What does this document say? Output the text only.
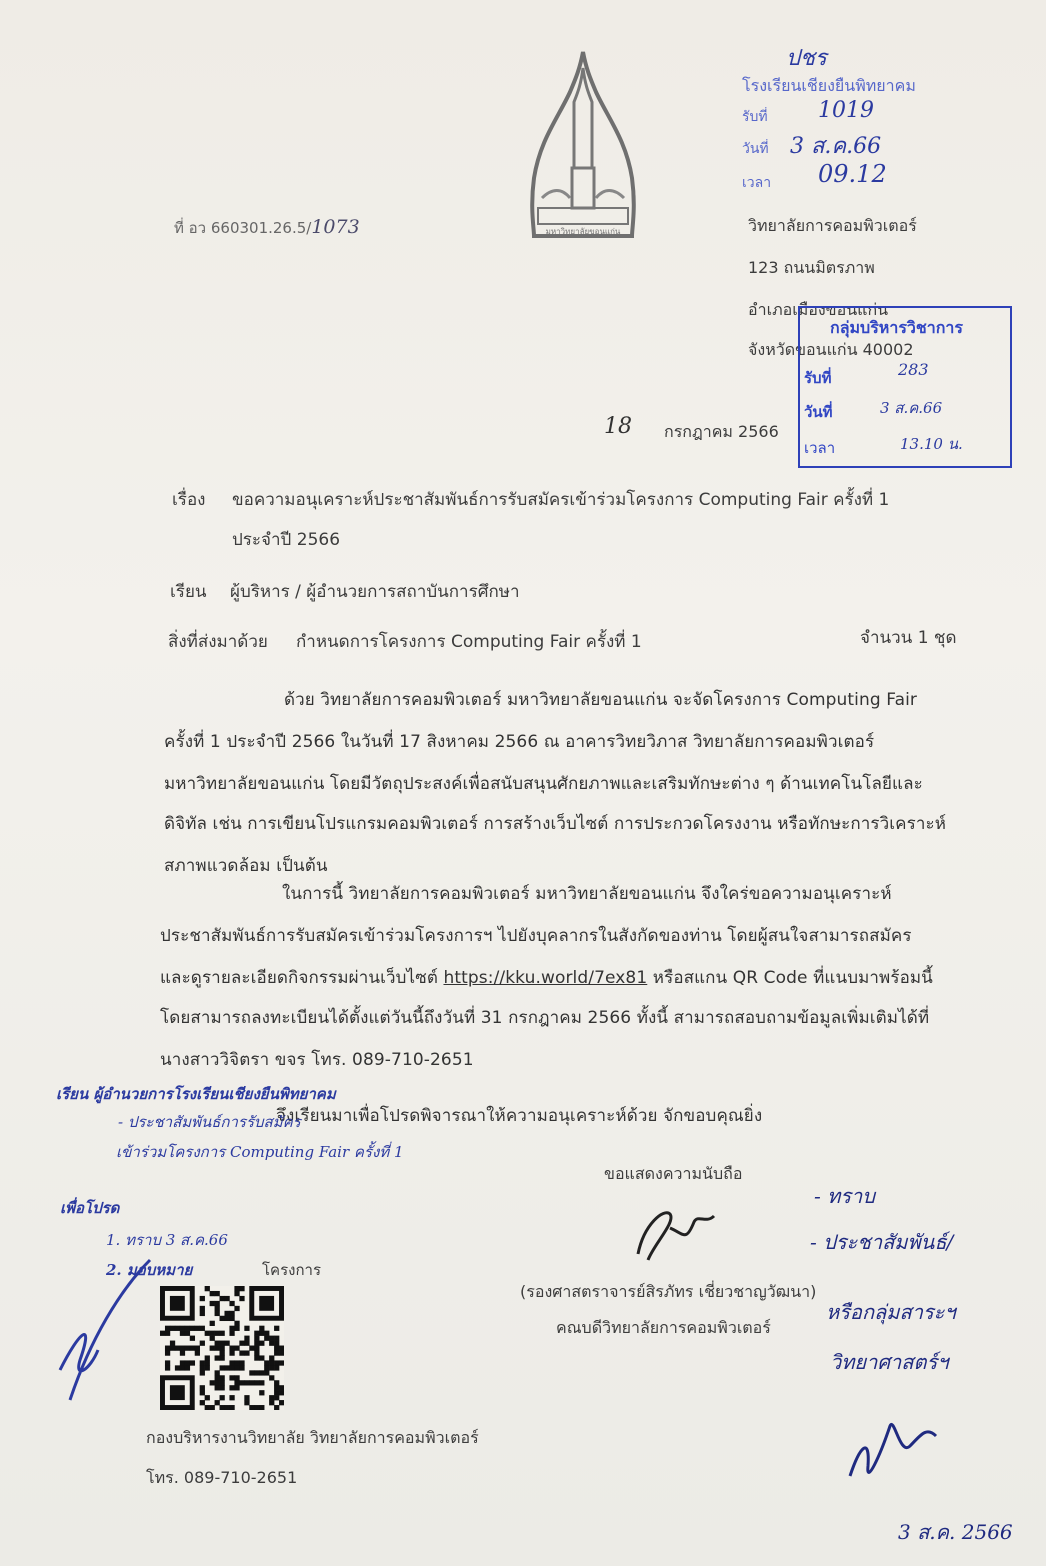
มหาวิทยาลัยขอนแก่น
ที่ อว 660301.26.5/1073
ปชร
โรงเรียนเชียงยืนพิทยาคม
รับที่ 1019
วันที่ 3 ส.ค.66
เวลา 09.12
วิทยาลัยการคอมพิวเตอร์
123 ถนนมิตรภาพ
อำเภอเมืองขอนแก่น
จังหวัดขอนแก่น 40002
กลุ่มบริหารวิชาการ
รับที่	283
วันที่	3 ส.ค.66
เวลา	13.10 น.
18 กรกฎาคม 2566
เรื่อง ขอความอนุเคราะห์ประชาสัมพันธ์การรับสมัครเข้าร่วมโครงการ Computing Fair ครั้งที่ 1
ประจำปี 2566
เรียน ผู้บริหาร / ผู้อำนวยการสถาบันการศึกษา
สิ่งที่ส่งมาด้วย กำหนดการโครงการ Computing Fair ครั้งที่ 1	จำนวน 1 ชุด
ด้วย วิทยาลัยการคอมพิวเตอร์ มหาวิทยาลัยขอนแก่น จะจัดโครงการ Computing Fair
ครั้งที่ 1 ประจำปี 2566 ในวันที่ 17 สิงหาคม 2566 ณ อาคารวิทยวิภาส วิทยาลัยการคอมพิวเตอร์
มหาวิทยาลัยขอนแก่น โดยมีวัตถุประสงค์เพื่อสนับสนุนศักยภาพและเสริมทักษะต่าง ๆ ด้านเทคโนโลยีและ
ดิจิทัล เช่น การเขียนโปรแกรมคอมพิวเตอร์ การสร้างเว็บไซต์ การประกวดโครงงาน หรือทักษะการวิเคราะห์
สภาพแวดล้อม เป็นต้น
ในการนี้ วิทยาลัยการคอมพิวเตอร์ มหาวิทยาลัยขอนแก่น จึงใคร่ขอความอนุเคราะห์
ประชาสัมพันธ์การรับสมัครเข้าร่วมโครงการฯ ไปยังบุคลากรในสังกัดของท่าน โดยผู้สนใจสามารถสมัคร
และดูรายละเอียดกิจกรรมผ่านเว็บไซต์ https://kku.world/7ex81 หรือสแกน QR Code ที่แนบมาพร้อมนี้
โดยสามารถลงทะเบียนได้ตั้งแต่วันนี้ถึงวันที่ 31 กรกฎาคม 2566 ทั้งนี้ สามารถสอบถามข้อมูลเพิ่มเติมได้ที่
นางสาววิจิตรา ขจร โทร. 089-710-2651
จึงเรียนมาเพื่อโปรดพิจารณาให้ความอนุเคราะห์ด้วย จักขอบคุณยิ่ง
เรียน ผู้อำนวยการโรงเรียนเชียงยืนพิทยาคม
- ประชาสัมพันธ์การรับสมัคร
เข้าร่วมโครงการ Computing Fair ครั้งที่ 1
เพื่อโปรด
1. ทราบ 3 ส.ค.66
2. มอบหมาย	โครงการ
ขอแสดงความนับถือ
(รองศาสตราจารย์สิรภัทร เชี่ยวชาญวัฒนา)
คณบดีวิทยาลัยการคอมพิวเตอร์
- ทราบ
- ประชาสัมพันธ์/
หรือกลุ่มสาระฯ
วิทยาศาสตร์ฯ
3 ส.ค. 2566
กองบริหารงานวิทยาลัย วิทยาลัยการคอมพิวเตอร์
โทร. 089-710-2651
